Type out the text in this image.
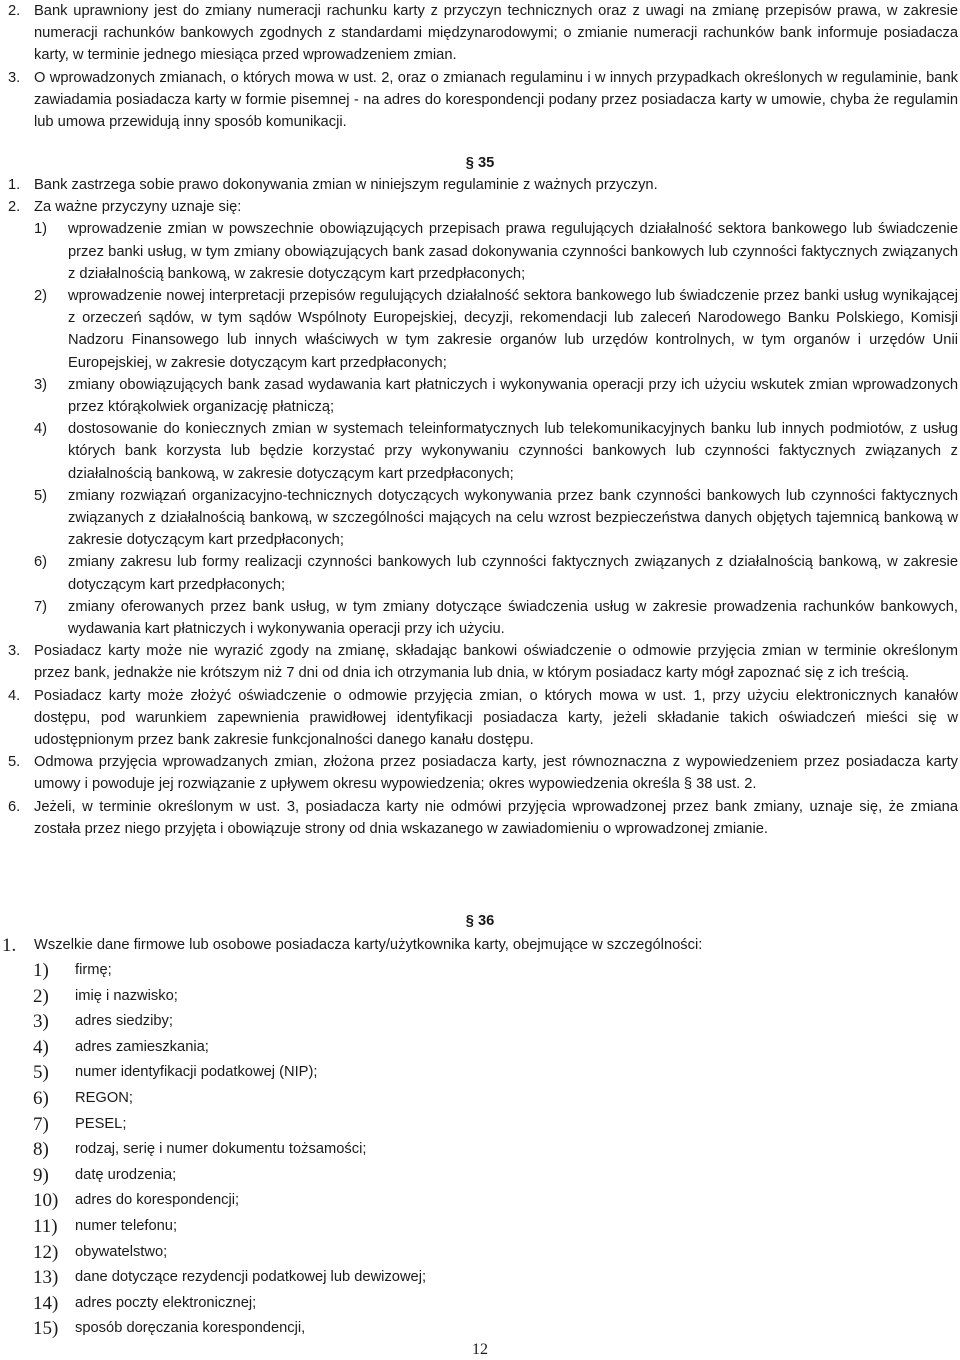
2. Bank uprawniony jest do zmiany numeracji rachunku karty z przyczyn technicznych oraz z uwagi na zmianę przepisów prawa, w zakresie numeracji rachunków bankowych zgodnych z standardami międzynarodowymi; o zmianie numeracji rachunków bank informuje posiadacza karty, w terminie jednego miesiąca przed wprowadzeniem zmian.
3. O wprowadzonych zmianach, o których mowa w ust. 2, oraz o zmianach regulaminu i w innych przypadkach określonych w regulaminie, bank zawiadamia posiadacza karty w formie pisemnej - na adres do korespondencji podany przez posiadacza karty w umowie, chyba że regulamin lub umowa przewidują inny sposób komunikacji.
§ 35
1. Bank zastrzega sobie prawo dokonywania zmian w niniejszym regulaminie z ważnych przyczyn.
2. Za ważne przyczyny uznaje się:
1) wprowadzenie zmian w powszechnie obowiązujących przepisach prawa regulujących działalność sektora bankowego lub świadczenie przez banki usług, w tym zmiany obowiązujących bank zasad dokonywania czynności bankowych lub czynności faktycznych związanych z działalnością bankową, w zakresie dotyczącym kart przedpłaconych;
2) wprowadzenie nowej interpretacji przepisów regulujących działalność sektora bankowego lub świadczenie przez banki usług wynikającej z orzeczeń sądów, w tym sądów Wspólnoty Europejskiej, decyzji, rekomendacji lub zaleceń Narodowego Banku Polskiego, Komisji Nadzoru Finansowego lub innych właściwych w tym zakresie organów lub urzędów kontrolnych, w tym organów i urzędów Unii Europejskiej, w zakresie dotyczącym kart przedpłaconych;
3) zmiany obowiązujących bank zasad wydawania kart płatniczych i wykonywania operacji przy ich użyciu wskutek zmian wprowadzonych przez którąkolwiek organizację płatniczą;
4) dostosowanie do koniecznych zmian w systemach teleinformatycznych lub telekomunikacyjnych banku lub innych podmiotów, z usług których bank korzysta lub będzie korzystać przy wykonywaniu czynności bankowych lub czynności faktycznych związanych z działalnością bankową, w zakresie dotyczącym kart przedpłaconych;
5) zmiany rozwiązań organizacyjno-technicznych dotyczących wykonywania przez bank czynności bankowych lub czynności faktycznych związanych z działalnością bankową, w szczególności mających na celu wzrost bezpieczeństwa danych objętych tajemnicą bankową w zakresie dotyczącym kart przedpłaconych;
6) zmiany zakresu lub formy realizacji czynności bankowych lub czynności faktycznych związanych z działalnością bankową, w zakresie dotyczącym kart przedpłaconych;
7) zmiany oferowanych przez bank usług, w tym zmiany dotyczące świadczenia usług w zakresie prowadzenia rachunków bankowych, wydawania kart płatniczych i wykonywania operacji przy ich użyciu.
3. Posiadacz karty może nie wyrazić zgody na zmianę, składając bankowi oświadczenie o odmowie przyjęcia zmian w terminie określonym przez bank, jednakże nie krótszym niż 7 dni od dnia ich otrzymania lub dnia, w którym posiadacz karty mógł zapoznać się z ich treścią.
4. Posiadacz karty może złożyć oświadczenie o odmowie przyjęcia zmian, o których mowa w ust. 1, przy użyciu elektronicznych kanałów dostępu, pod warunkiem zapewnienia prawidłowej identyfikacji posiadacza karty, jeżeli składanie takich oświadczeń mieści się w udostępnionym przez bank zakresie funkcjonalności danego kanału dostępu.
5. Odmowa przyjęcia wprowadzanych zmian, złożona przez posiadacza karty, jest równoznaczna z wypowiedzeniem przez posiadacza karty umowy i powoduje jej rozwiązanie z upływem okresu wypowiedzenia; okres wypowiedzenia określa § 38 ust. 2.
6. Jeżeli, w terminie określonym w ust. 3, posiadacza karty nie odmówi przyjęcia wprowadzonej przez bank zmiany, uznaje się, że zmiana została przez niego przyjęta i obowiązuje strony od dnia wskazanego w zawiadomieniu o wprowadzonej zmianie.
§ 36
1. Wszelkie dane firmowe lub osobowe posiadacza karty/użytkownika karty, obejmujące w szczególności:
1) firmę;
2) imię i nazwisko;
3) adres siedziby;
4) adres zamieszkania;
5) numer identyfikacji podatkowej (NIP);
6) REGON;
7) PESEL;
8) rodzaj, serię i numer dokumentu tożsamości;
9) datę urodzenia;
10) adres do korespondencji;
11) numer telefonu;
12) obywatelstwo;
13) dane dotyczące rezydencji podatkowej lub dewizowej;
14) adres poczty elektronicznej;
15) sposób doręczania korespondencji,
12
